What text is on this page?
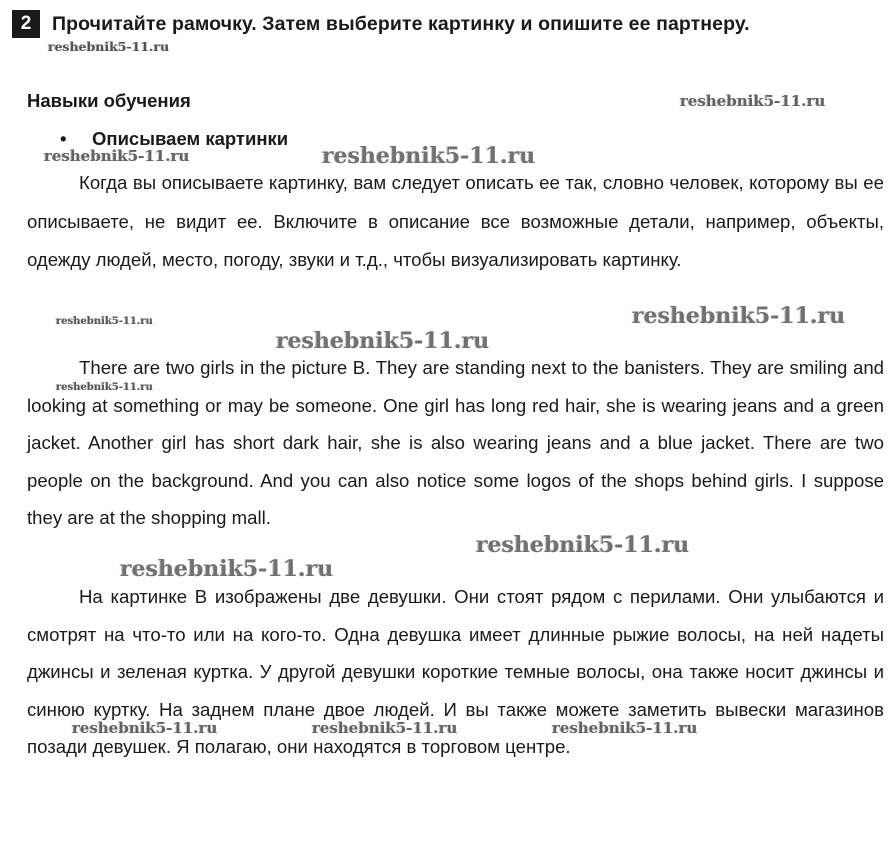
2	Прочитайте рамочку. Затем выберите картинку и опишите ее партнеру.
Навыки обучения
•	Описываем картинки

Когда вы описываете картинку, вам следует описать ее так, словно человек, которому вы ее описываете, не видит ее. Включите в описание все возможные детали, например, объекты, одежду людей, место, погоду, звуки и т.д., чтобы визуализировать картинку.

There are two girls in the picture B. They are standing next to the banisters. They are smiling and looking at something or may be someone. One girl has long red hair, she is wearing jeans and a green jacket. Another girl has short dark hair, she is also wearing jeans and a blue jacket. There are two people on the background. And you can also notice some logos of the shops behind girls. I suppose they are at the shopping mall.

На картинке В изображены две девушки. Они стоят рядом с перилами. Они улыбаются и смотрят на что-то или на кого-то. Одна девушка имеет длинные рыжие волосы, на ней надеты джинсы и зеленая куртка. У другой девушки короткие темные волосы, она также носит джинсы и синюю куртку. На заднем плане двое людей. И вы также можете заметить вывески магазинов позади девушек. Я полагаю, они находятся в торговом центре.

reshebnik5-11.ru
reshebnik5-11.ru
reshebnik5-11.ru	reshebnik5-11.ru
reshebnik5-11.ru	reshebnik5-11.ru
reshebnik5-11.ru
reshebnik5-11.ru
reshebnik5-11.ru
reshebnik5-11.ru
reshebnik5-11.ru	reshebnik5-11.ru	reshebnik5-11.ru
